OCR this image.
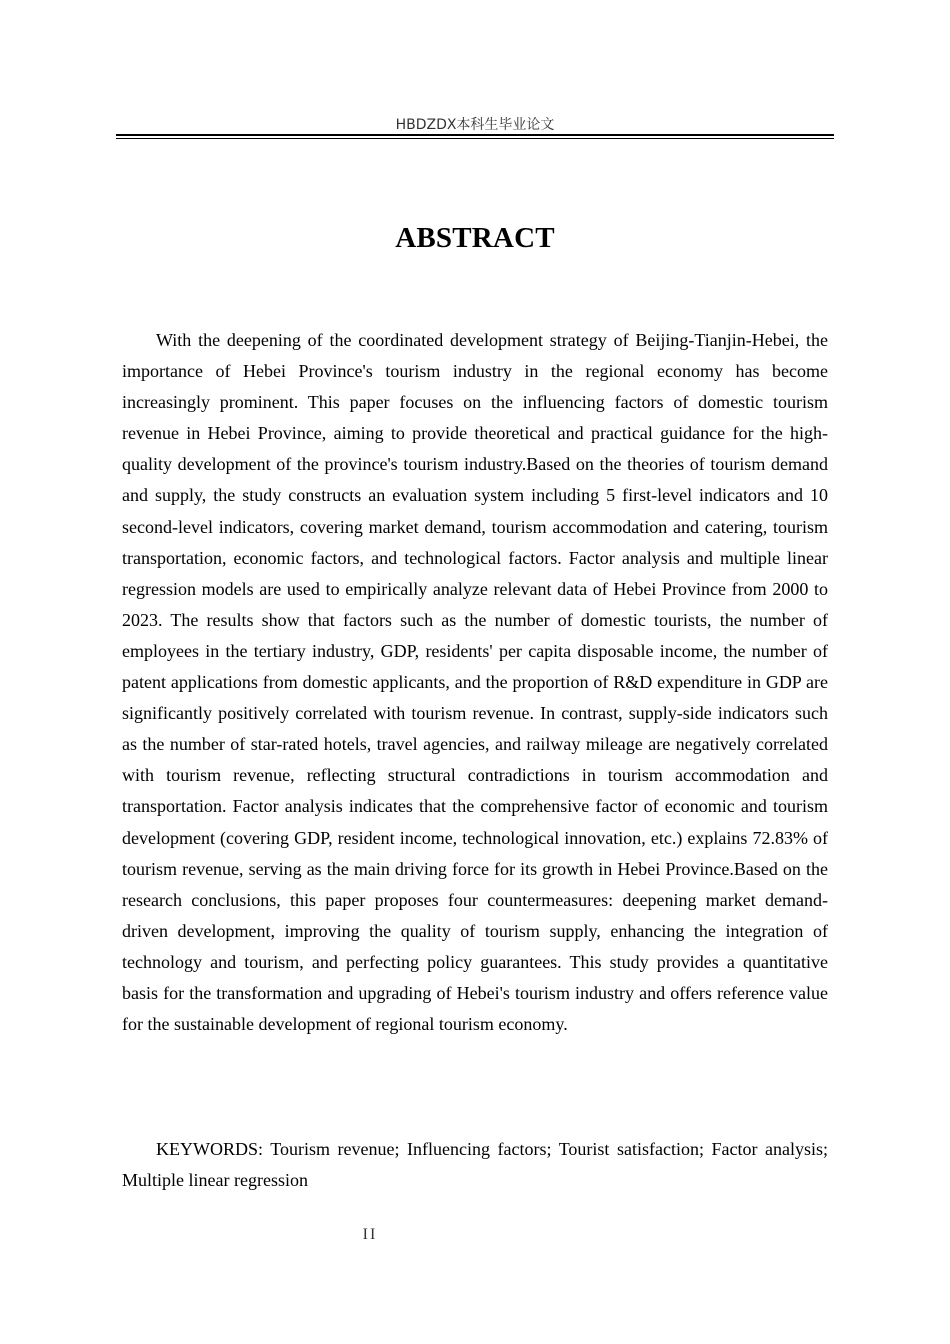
HBDZDX本科生毕业论文
ABSTRACT

With the deepening of the coordinated development strategy of Beijing-Tianjin-Hebei, the importance of Hebei Province's tourism industry in the regional economy has become increasingly prominent. This paper focuses on the influencing factors of domestic tourism revenue in Hebei Province, aiming to provide theoretical and practical guidance for the high-quality development of the province's tourism industry.Based on the theories of tourism demand and supply, the study constructs an evaluation system including 5 first-level indicators and 10 second-level indicators, covering market demand, tourism accommodation and catering, tourism transportation, economic factors, and technological factors. Factor analysis and multiple linear regression models are used to empirically analyze relevant data of Hebei Province from 2000 to 2023. The results show that factors such as the number of domestic tourists, the number of employees in the tertiary industry, GDP, residents' per capita disposable income, the number of patent applications from domestic applicants, and the proportion of R&D expenditure in GDP are significantly positively correlated with tourism revenue. In contrast, supply-side indicators such as the number of star-rated hotels, travel agencies, and railway mileage are negatively correlated with tourism revenue, reflecting structural contradictions in tourism accommodation and transportation. Factor analysis indicates that the comprehensive factor of economic and tourism development (covering GDP, resident income, technological innovation, etc.) explains 72.83% of tourism revenue, serving as the main driving force for its growth in Hebei Province.Based on the research conclusions, this paper proposes four countermeasures: deepening market demand-driven development, improving the quality of tourism supply, enhancing the integration of technology and tourism, and perfecting policy guarantees. This study provides a quantitative basis for the transformation and upgrading of Hebei's tourism industry and offers reference value for the sustainable development of regional tourism economy.

KEYWORDS: Tourism revenue; Influencing factors; Tourist satisfaction; Factor analysis; Multiple linear regression

II
